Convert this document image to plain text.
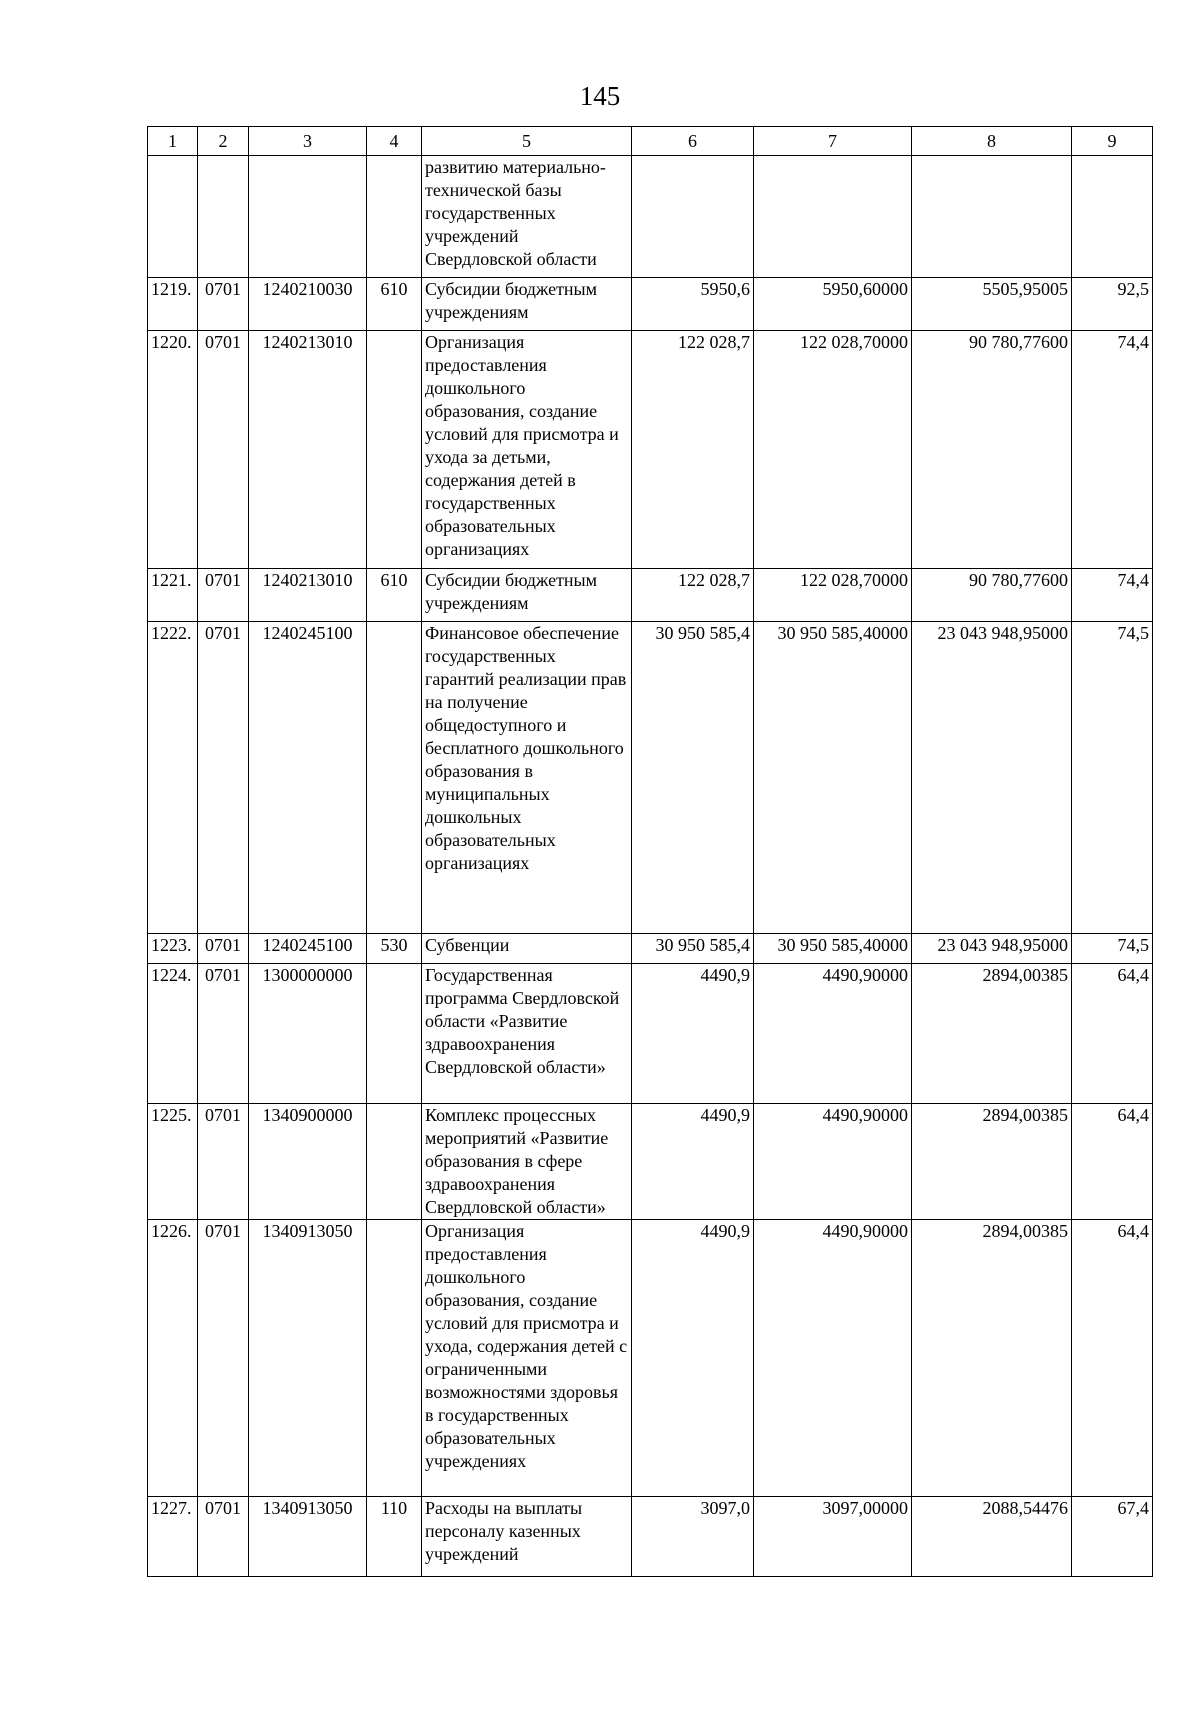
145
1	2	3	4	5	6	7	8	9
				развитию материально-технической базы государственных учреждений Свердловской области				
1219.	0701	1240210030	610	Субсидии бюджетным учреждениям	5950,6	5950,60000	5505,95005	92,5
1220.	0701	1240213010		Организация предоставления дошкольного образования, создание условий для присмотра и ухода за детьми, содержания детей в государственных образовательных организациях	122 028,7	122 028,70000	90 780,77600	74,4
1221.	0701	1240213010	610	Субсидии бюджетным учреждениям	122 028,7	122 028,70000	90 780,77600	74,4
1222.	0701	1240245100		Финансовое обеспечение государственных гарантий реализации прав на получение общедоступного и бесплатного дошкольного образования в муниципальных дошкольных образовательных организациях	30 950 585,4	30 950 585,40000	23 043 948,95000	74,5
1223.	0701	1240245100	530	Субвенции	30 950 585,4	30 950 585,40000	23 043 948,95000	74,5
1224.	0701	1300000000		Государственная программа Свердловской области «Развитие здравоохранения Свердловской области»	4490,9	4490,90000	2894,00385	64,4
1225.	0701	1340900000		Комплекс процессных мероприятий «Развитие образования в сфере здравоохранения Свердловской области»	4490,9	4490,90000	2894,00385	64,4
1226.	0701	1340913050		Организация предоставления дошкольного образования, создание условий для присмотра и ухода, содержания детей с ограниченными возможностями здоровья в государственных образовательных учреждениях	4490,9	4490,90000	2894,00385	64,4
1227.	0701	1340913050	110	Расходы на выплаты персоналу казенных учреждений	3097,0	3097,00000	2088,54476	67,4
